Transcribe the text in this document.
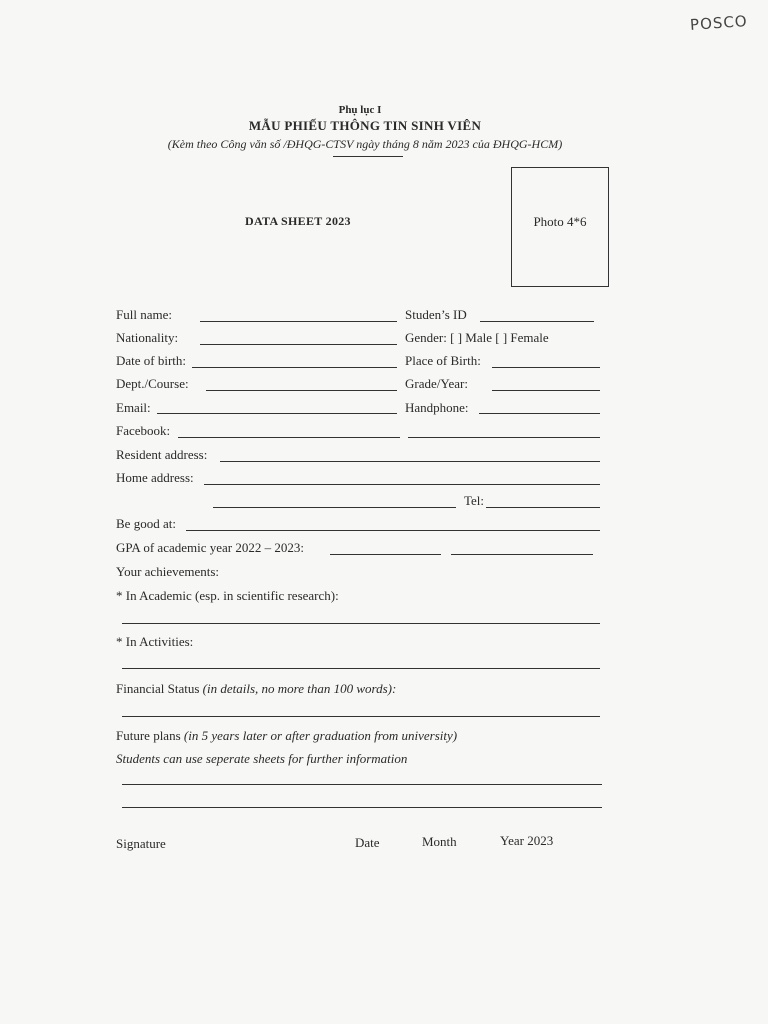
POSCO
Phụ lục I
MẪU PHIẾU THÔNG TIN SINH VIÊN
(Kèm theo Công văn số /ĐHQG-CTSV ngày tháng 8 năm 2023 của ĐHQG-HCM)
DATA SHEET 2023	Photo 4*6
Full name:	Studen’s ID
Nationality:	Gender: [ ] Male [ ] Female
Date of birth:	Place of Birth:
Dept./Course:	Grade/Year:
Email:	Handphone:
Facebook:
Resident address:
Home address:
Tel:
Be good at:
GPA of academic year 2022 – 2023:
Your achievements:
* In Academic (esp. in scientific research):
* In Activities:
Financial Status (in details, no more than 100 words):
Future plans (in 5 years later or after graduation from university)
Students can use seperate sheets for further information
Signature	Date	Month	Year 2023
